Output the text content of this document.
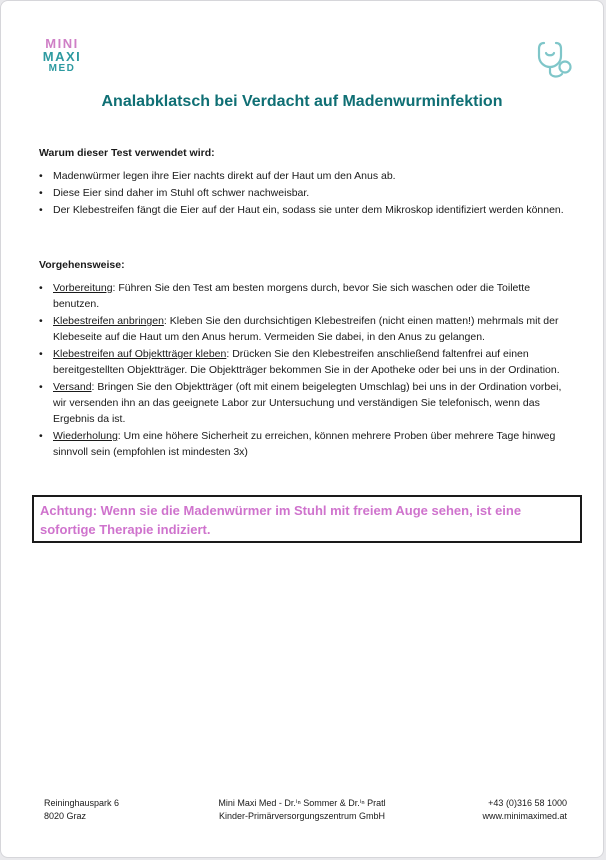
MINI
MAXI
MED
Analabklatsch bei Verdacht auf Madenwurminfektion

Warum dieser Test verwendet wird:

• Madenwürmer legen ihre Eier nachts direkt auf der Haut um den Anus ab.
• Diese Eier sind daher im Stuhl oft schwer nachweisbar.
• Der Klebestreifen fängt die Eier auf der Haut ein, sodass sie unter dem Mikroskop identifiziert werden können.

Vorgehensweise:

• Vorbereitung: Führen Sie den Test am besten morgens durch, bevor Sie sich waschen oder die Toilette benutzen.
• Klebestreifen anbringen: Kleben Sie den durchsichtigen Klebestreifen (nicht einen matten!) mehrmals mit der Klebeseite auf die Haut um den Anus herum. Vermeiden Sie dabei, in den Anus zu gelangen.
• Klebestreifen auf Objektträger kleben: Drücken Sie den Klebestreifen anschließend faltenfrei auf einen bereitgestellten Objektträger. Die Objektträger bekommen Sie in der Apotheke oder bei uns in der Ordination.
• Versand: Bringen Sie den Objektträger (oft mit einem beigelegten Umschlag) bei uns in der Ordination vorbei, wir versenden ihn an das geeignete Labor zur Untersuchung und verständigen Sie telefonisch, wenn das Ergebnis da ist.
• Wiederholung: Um eine höhere Sicherheit zu erreichen, können mehrere Proben über mehrere Tage hinweg sinnvoll sein (empfohlen ist mindesten 3x)
Achtung: Wenn sie die Madenwürmer im Stuhl mit freiem Auge sehen, ist eine sofortige Therapie indiziert.
Reininghauspark 6
8020 Graz
Mini Maxi Med - Dr.ⁱⁿ Sommer & Dr.ⁱⁿ Pratl
Kinder-Primärversorgungszentrum GmbH
+43 (0)316 58 1000
www.minimaximed.at
